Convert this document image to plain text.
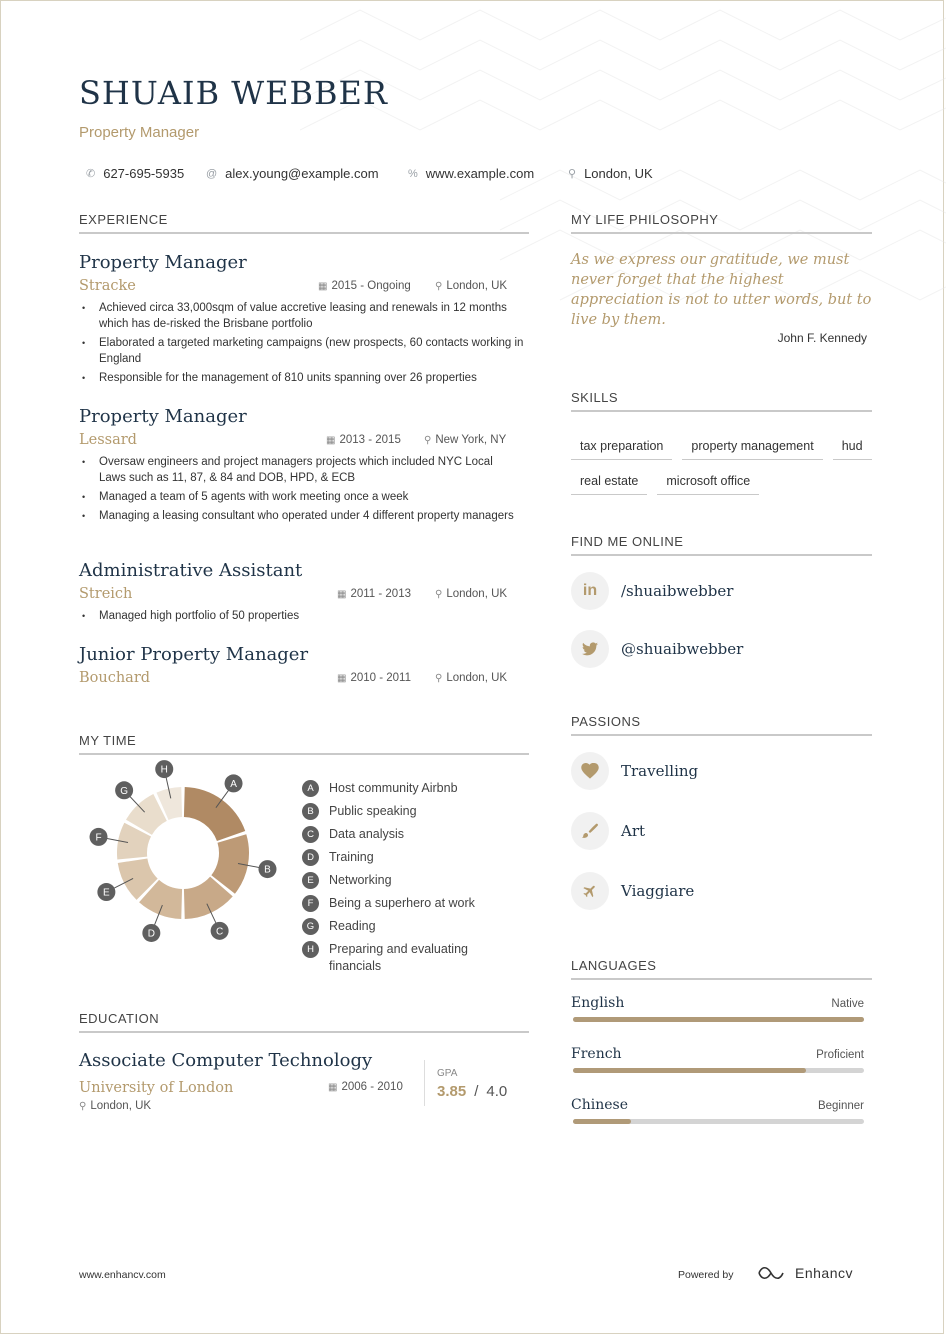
SHUAIB WEBBER
Property Manager
✆ 627-695-5935 @ alex.young@example.com	% www.example.com	⚲ London, UK
EXPERIENCE
Property Manager
Stracke	▦ 2015 - Ongoing ⚲ London, UK
• Achieved circa 33,000sqm of value accretive leasing and renewals in 12 months which has de-risked the Brisbane portfolio
• Elaborated a targeted marketing campaigns (new prospects, 60 contacts working in England
• Responsible for the management of 810 units spanning over 26 properties
Property Manager
Lessard	▦ 2013 - 2015 ⚲ New York, NY
• Oversaw engineers and project managers projects which included NYC Local Laws such as 11, 87, & 84 and DOB, HPD, & ECB
• Managed a team of 5 agents with work meeting once a week
• Managing a leasing consultant who operated under 4 different property managers
Administrative Assistant
Streich	▦ 2011 - 2013 ⚲ London, UK
• Managed high portfolio of 50 properties
Junior Property Manager
Bouchard	▦ 2010 - 2011 ⚲ London, UK
MY TIME
A
B
C
D
E
F
G
H
A	Host community Airbnb
B	Public speaking
C	Data analysis
D	Training
E	Networking
F	Being a superhero at work
G	Reading
H	Preparing and evaluating financials
EDUCATION
Associate Computer Technology
University of London
⚲ London, UK
▦ 2006 - 2010
GPA
3.85 / 4.0
MY LIFE PHILOSOPHY
As we express our gratitude, we must never forget that the highest appreciation is not to utter words, but to live by them.
John F. Kennedy
SKILLS
tax preparation	property management	hud
real estate	microsoft office
FIND ME ONLINE
in	/shuaibwebber
@shuaibwebber
PASSIONS
Travelling
Art
Viaggiare
LANGUAGES
English	Native
French	Proficient
Chinese	Beginner
www.enhancv.com	Powered by	Enhancv
